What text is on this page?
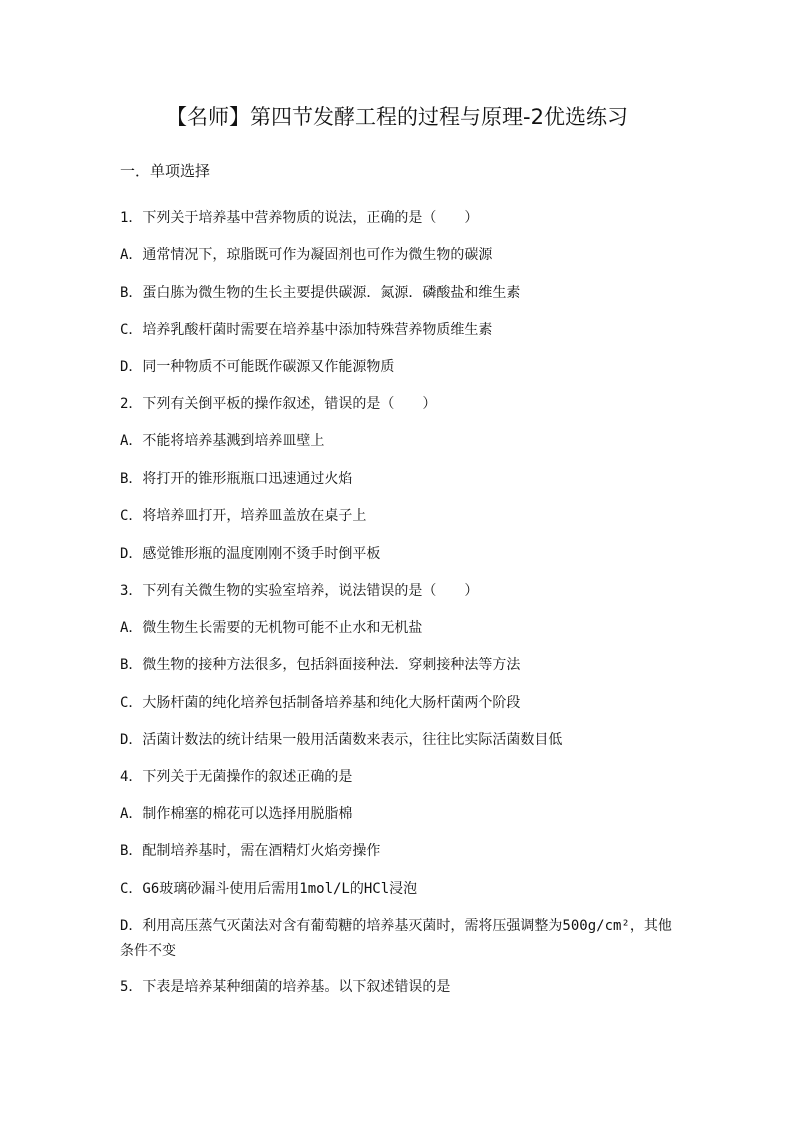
【名师】第四节发酵工程的过程与原理-2优选练习
一．单项选择
1．下列关于培养基中营养物质的说法，正确的是（　　）
A．通常情况下，琼脂既可作为凝固剂也可作为微生物的碳源
B．蛋白胨为微生物的生长主要提供碳源．氮源．磷酸盐和维生素
C．培养乳酸杆菌时需要在培养基中添加特殊营养物质维生素
D．同一种物质不可能既作碳源又作能源物质
2．下列有关倒平板的操作叙述，错误的是（　　）
A．不能将培养基溅到培养皿壁上
B．将打开的锥形瓶瓶口迅速通过火焰
C．将培养皿打开，培养皿盖放在桌子上
D．感觉锥形瓶的温度刚刚不烫手时倒平板
3．下列有关微生物的实验室培养，说法错误的是（　　）
A．微生物生长需要的无机物可能不止水和无机盐
B．微生物的接种方法很多，包括斜面接种法．穿刺接种法等方法
C．大肠杆菌的纯化培养包括制备培养基和纯化大肠杆菌两个阶段
D．活菌计数法的统计结果一般用活菌数来表示，往往比实际活菌数目低
4．下列关于无菌操作的叙述正确的是
A．制作棉塞的棉花可以选择用脱脂棉
B．配制培养基时，需在酒精灯火焰旁操作
C．G6玻璃砂漏斗使用后需用1mol/L的HCl浸泡
D．利用高压蒸气灭菌法对含有葡萄糖的培养基灭菌时，需将压强调整为500g/cm²，其他条件不变
5．下表是培养某种细菌的培养基。以下叙述错误的是
